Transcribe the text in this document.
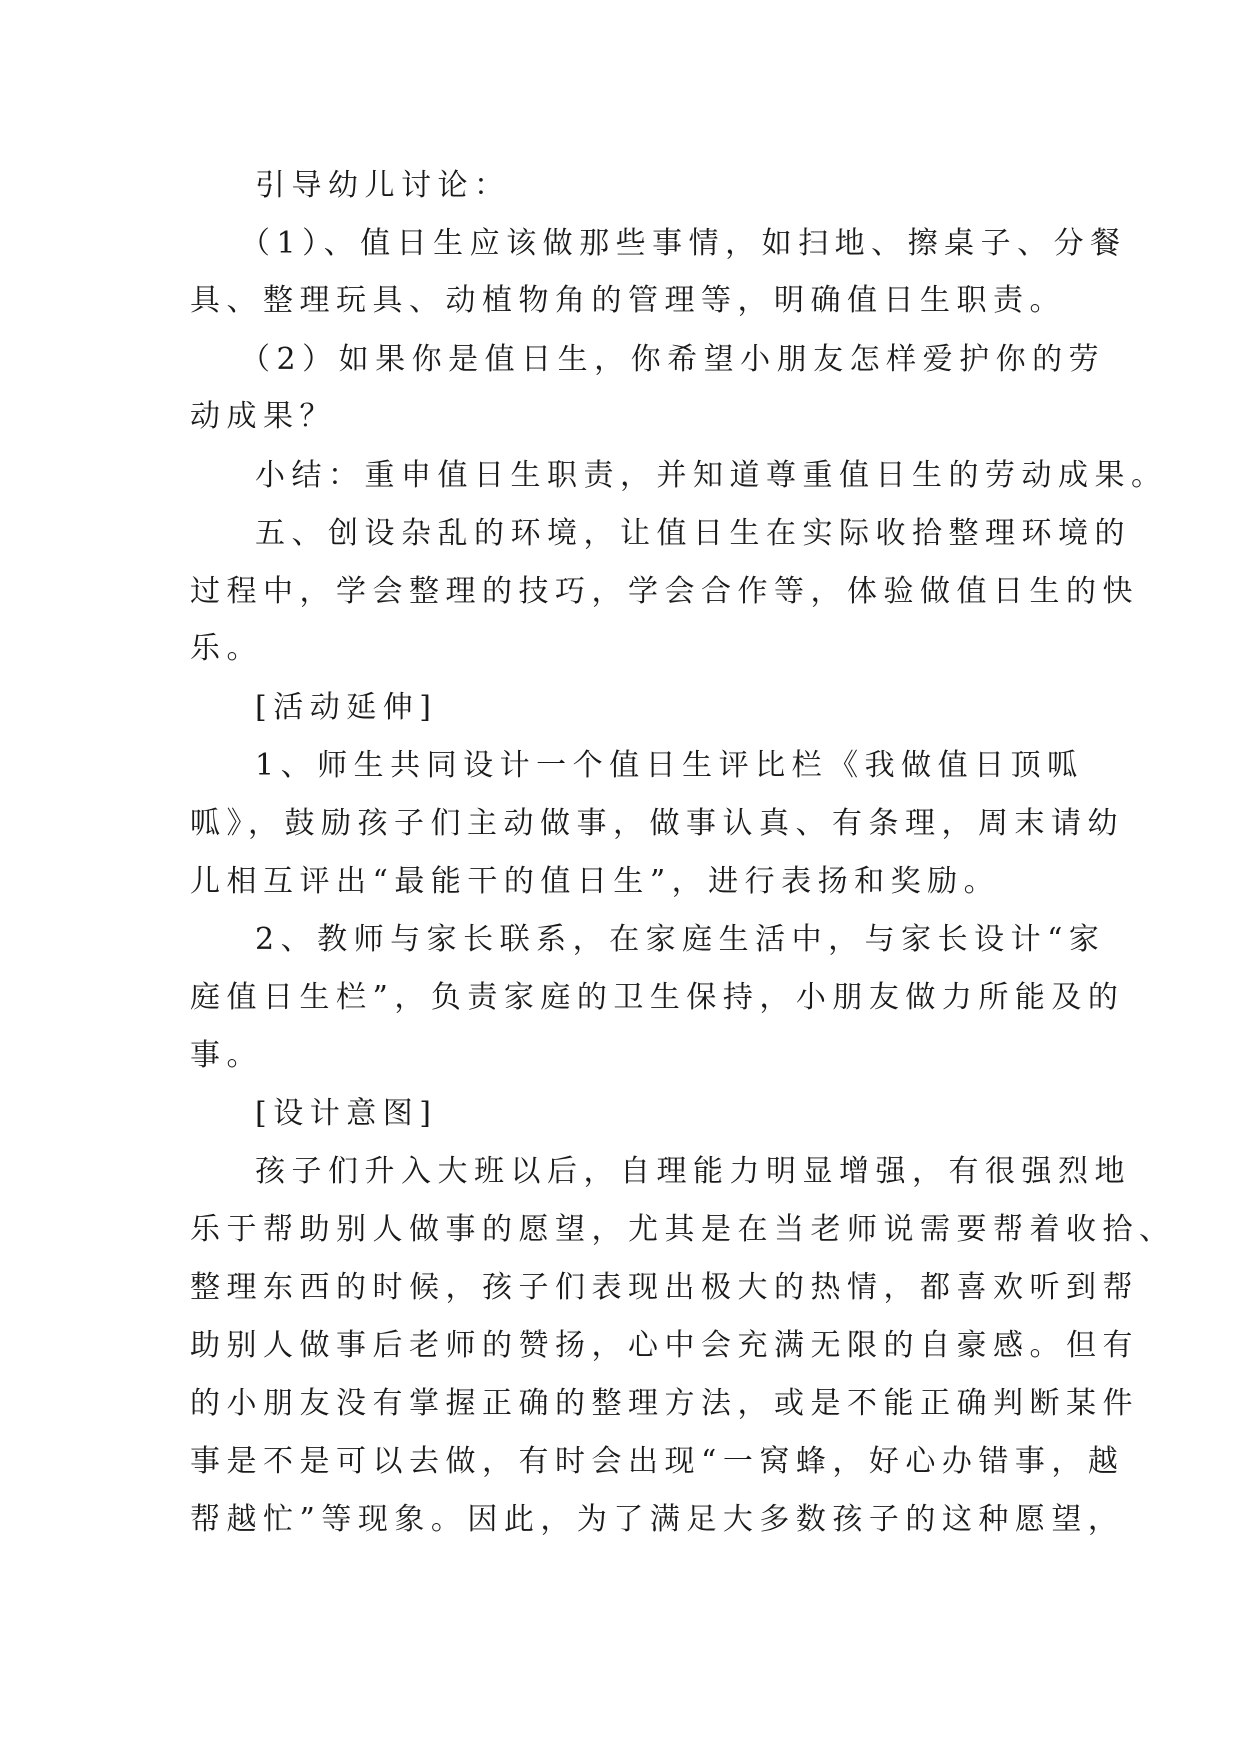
引导幼儿讨论：
（1）、值日生应该做那些事情，如扫地、擦桌子、分餐
具、整理玩具、动植物角的管理等，明确值日生职责。
（2）如果你是值日生，你希望小朋友怎样爱护你的劳
动成果？
小结：重申值日生职责，并知道尊重值日生的劳动成果。
五、创设杂乱的环境，让值日生在实际收拾整理环境的
过程中，学会整理的技巧，学会合作等，体验做值日生的快
乐。
[活动延伸]
1、师生共同设计一个值日生评比栏《我做值日顶呱
呱》，鼓励孩子们主动做事，做事认真、有条理，周末请幼
儿相互评出“最能干的值日生”，进行表扬和奖励。
2、教师与家长联系，在家庭生活中，与家长设计“家
庭值日生栏”，负责家庭的卫生保持，小朋友做力所能及的
事。
[设计意图]
孩子们升入大班以后，自理能力明显增强，有很强烈地
乐于帮助别人做事的愿望，尤其是在当老师说需要帮着收拾、
整理东西的时候，孩子们表现出极大的热情，都喜欢听到帮
助别人做事后老师的赞扬，心中会充满无限的自豪感。但有
的小朋友没有掌握正确的整理方法，或是不能正确判断某件
事是不是可以去做，有时会出现“一窝蜂，好心办错事，越
帮越忙”等现象。因此，为了满足大多数孩子的这种愿望，
